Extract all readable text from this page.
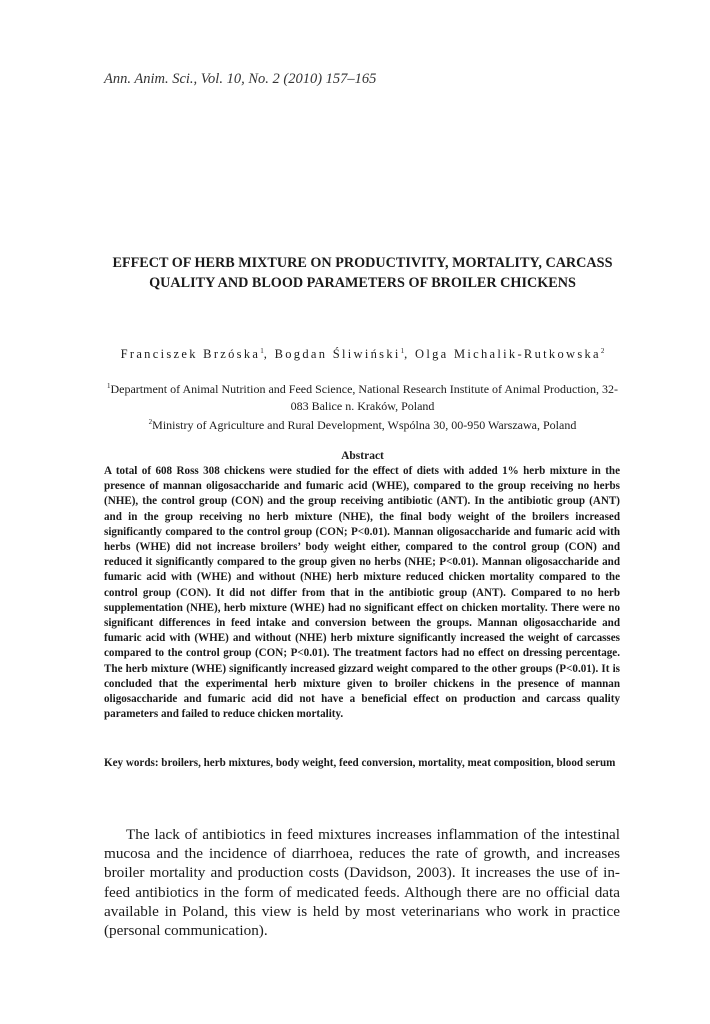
Ann. Anim. Sci., Vol. 10, No. 2 (2010) 157–165
EFFECT OF HERB MIXTURE ON PRODUCTIVITY, MORTALITY, CARCASS QUALITY AND BLOOD PARAMETERS OF BROILER CHICKENS
Franciszek Brzóska$^1$, Bogdan Śliwiński$^1$, Olga Michalik-Rutkowska$^2$
$^1$Department of Animal Nutrition and Feed Science, National Research Institute of Animal Production, 32-083 Balice n. Kraków, Poland
$^2$Ministry of Agriculture and Rural Development, Wspólna 30, 00-950 Warszawa, Poland
Abstract

A total of 608 Ross 308 chickens were studied for the effect of diets with added 1% herb mixture in the presence of mannan oligosaccharide and fumaric acid (WHE), compared to the group receiving no herbs (NHE), the control group (CON) and the group receiving antibiotic (ANT). In the antibiotic group (ANT) and in the group receiving no herb mixture (NHE), the final body weight of the broilers increased significantly compared to the control group (CON; P<0.01). Mannan oligosaccharide and fumaric acid with herbs (WHE) did not increase broilers’ body weight either, compared to the control group (CON) and reduced it significantly compared to the group given no herbs (NHE; P<0.01). Mannan oligosaccharide and fumaric acid with (WHE) and without (NHE) herb mixture reduced chicken mortality compared to the control group (CON). It did not differ from that in the antibiotic group (ANT). Compared to no herb supplementation (NHE), herb mixture (WHE) had no significant effect on chicken mortality. There were no significant differences in feed intake and conversion between the groups. Mannan oligosaccharide and fumaric acid with (WHE) and without (NHE) herb mixture significantly increased the weight of carcasses compared to the control group (CON; P<0.01). The treatment factors had no effect on dressing percentage. The herb mixture (WHE) significantly increased gizzard weight compared to the other groups (P<0.01). It is concluded that the experimental herb mixture given to broiler chickens in the presence of mannan oligosaccharide and fumaric acid did not have a beneficial effect on production and carcass quality parameters and failed to reduce chicken mortality.

Key words: broilers, herb mixtures, body weight, feed conversion, mortality, meat composition, blood serum

The lack of antibiotics in feed mixtures increases inflammation of the intestinal mucosa and the incidence of diarrhoea, reduces the rate of growth, and increases broiler mortality and production costs (Davidson, 2003). It increases the use of in-feed antibiotics in the form of medicated feeds. Although there are no official data available in Poland, this view is held by most veterinarians who work in practice (personal communication).
